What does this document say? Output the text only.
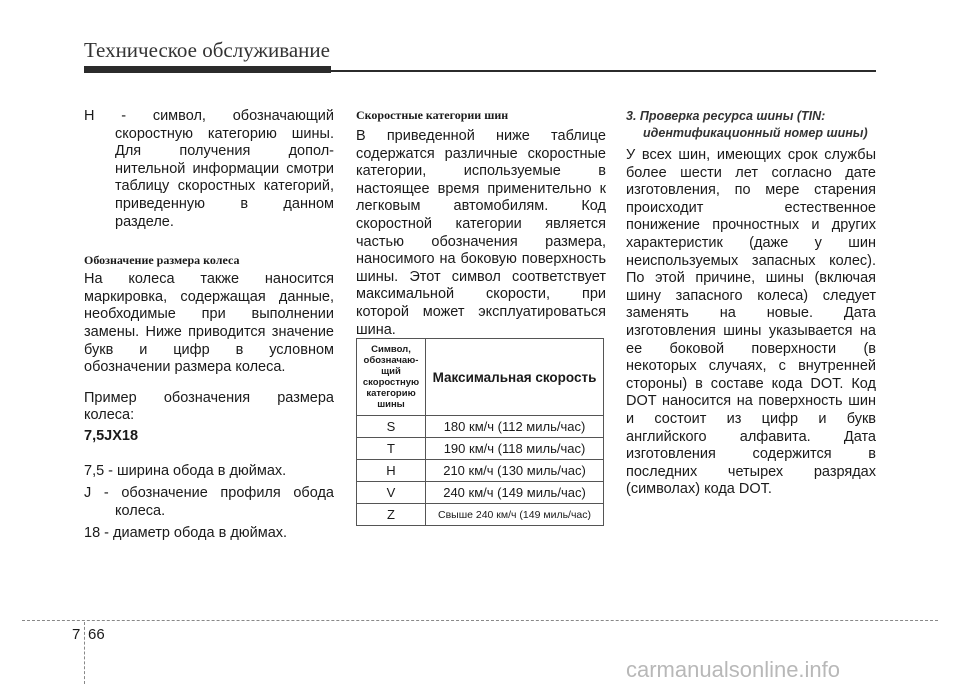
Техническое обслуживание

H - символ, обозначающий скоростную категорию шины. Для получения допол-нительной информации смотри таблицу скоростных категорий, приведенную в данном разделе.

Обозначение размера колеса

На колеса также наносится маркировка, содержащая данные, необходимые при выполнении замены. Ниже приводится значение букв и цифр в условном обозначении размера колеса.

Пример обозначения размера колеса:

7,5JX18

7,5 - ширина обода в дюймах.

J - обозначение профиля обода колеса.

18 - диаметр обода в дюймах.

Скоростные категории шин

В приведенной ниже таблице содержатся различные скоростные категории, используемые в настоящее время применительно к легковым автомобилям. Код скоростной категории является частью обозначения размера, наносимого на боковую поверхность шины. Этот символ соответствует максимальной скорости, при которой может эксплуатироваться шина.

Символ, обозначаю-щий скоростную категорию шины	Максимальная скорость
S	180 км/ч (112 миль/час)
T	190 км/ч (118 миль/час)
H	210 км/ч (130 миль/час)
V	240 км/ч (149 миль/час)
Z	Свыше 240 км/ч (149 миль/час)

3. Проверка ресурса шины (TIN: идентификационный номер шины)

У всех шин, имеющих срок службы более шести лет согласно дате изготовления, по мере старения происходит естественное понижение прочностных и других характеристик (даже у шин неиспользуемых запасных колес). По этой причине, шины (включая шину запасного колеса) следует заменять на новые. Дата изготовления шины указывается на ее боковой поверхности (в некоторых случаях, с внутренней стороны) в составе кода DOT. Код DOT наносится на поверхность шин и состоит из цифр и букв английского алфавита. Дата изготовления содержится в последних четырех разрядах (символах) кода DOT.

7 66
carmanualsonline.info
